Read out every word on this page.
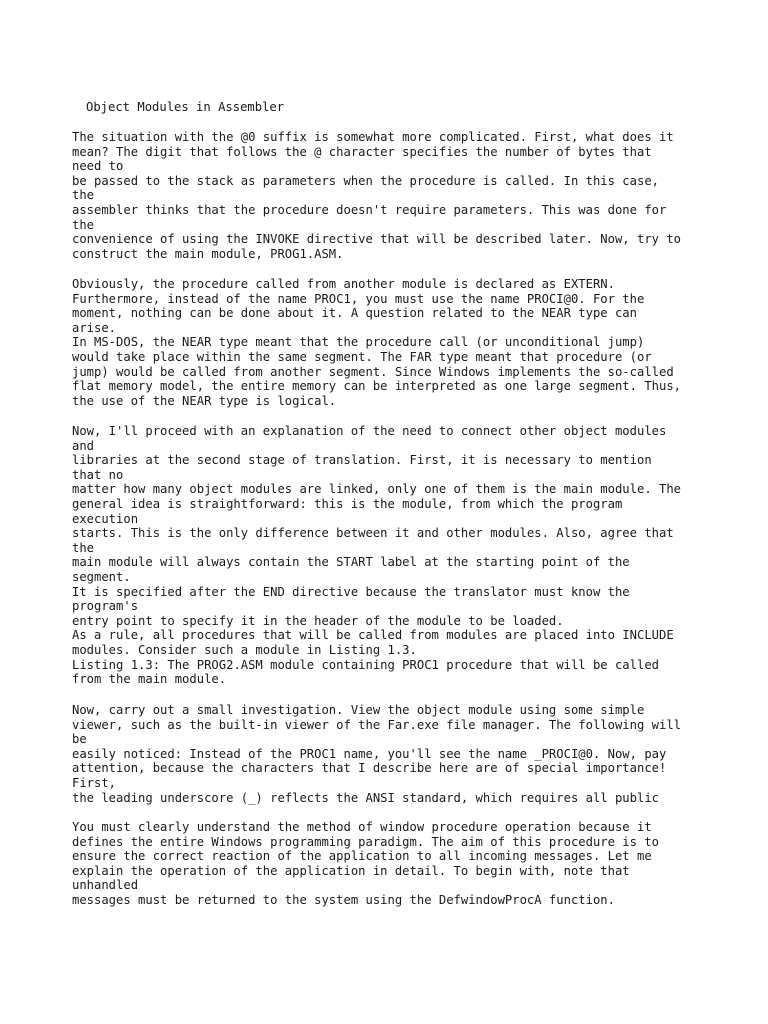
Object Modules in Assembler

The situation with the @0 suffix is somewhat more complicated. First, what does it
mean? The digit that follows the @ character specifies the number of bytes that
need to
be passed to the stack as parameters when the procedure is called. In this case,
the
assembler thinks that the procedure doesn't require parameters. This was done for
the
convenience of using the INVOKE directive that will be described later. Now, try to
construct the main module, PROG1.ASM.

Obviously, the procedure called from another module is declared as EXTERN.
Furthermore, instead of the name PROC1, you must use the name PROCI@0. For the
moment, nothing can be done about it. A question related to the NEAR type can
arise.
In MS-DOS, the NEAR type meant that the procedure call (or unconditional jump)
would take place within the same segment. The FAR type meant that procedure (or
jump) would be called from another segment. Since Windows implements the so-called
flat memory model, the entire memory can be interpreted as one large segment. Thus,
the use of the NEAR type is logical.

Now, I'll proceed with an explanation of the need to connect other object modules
and
libraries at the second stage of translation. First, it is necessary to mention
that no
matter how many object modules are linked, only one of them is the main module. The
general idea is straightforward: this is the module, from which the program
execution
starts. This is the only difference between it and other modules. Also, agree that
the
main module will always contain the START label at the starting point of the
segment.
It is specified after the END directive because the translator must know the
program's
entry point to specify it in the header of the module to be loaded.
As a rule, all procedures that will be called from modules are placed into INCLUDE
modules. Consider such a module in Listing 1.3.
Listing 1.3: The PROG2.ASM module containing PROC1 procedure that will be called
from the main module.

Now, carry out a small investigation. View the object module using some simple
viewer, such as the built-in viewer of the Far.exe file manager. The following will
be
easily noticed: Instead of the PROC1 name, you'll see the name _PROCI@0. Now, pay
attention, because the characters that I describe here are of special importance!
First,
the leading underscore (_) reflects the ANSI standard, which requires all public

You must clearly understand the method of window procedure operation because it
defines the entire Windows programming paradigm. The aim of this procedure is to
ensure the correct reaction of the application to all incoming messages. Let me
explain the operation of the application in detail. To begin with, note that
unhandled
messages must be returned to the system using the DefwindowProcA function.
